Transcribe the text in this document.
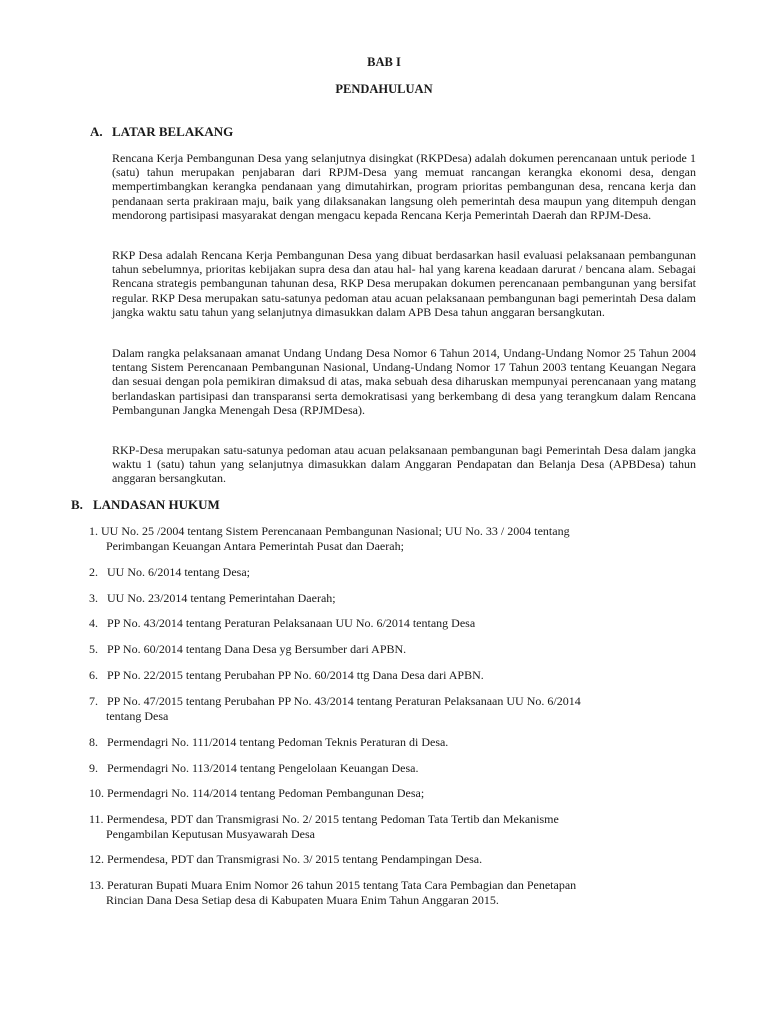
BAB I
PENDAHULUAN
A. LATAR BELAKANG

Rencana Kerja Pembangunan Desa yang selanjutnya disingkat (RKPDesa) adalah dokumen perencanaan untuk periode 1 (satu) tahun merupakan penjabaran dari RPJM-Desa yang memuat rancangan kerangka ekonomi desa, dengan mempertimbangkan kerangka pendanaan yang dimutahirkan, program prioritas pembangunan desa, rencana kerja dan pendanaan serta prakiraan maju, baik yang dilaksanakan langsung oleh pemerintah desa maupun yang ditempuh dengan mendorong partisipasi masyarakat dengan mengacu kepada Rencana Kerja Pemerintah Daerah dan RPJM-Desa.

RKP Desa adalah Rencana Kerja Pembangunan Desa yang dibuat berdasarkan hasil evaluasi pelaksanaan pembangunan tahun sebelumnya, prioritas kebijakan supra desa dan atau hal- hal yang karena keadaan darurat / bencana alam. Sebagai Rencana strategis pembangunan tahunan desa, RKP Desa merupakan dokumen perencanaan pembangunan yang bersifat regular. RKP Desa merupakan satu-satunya pedoman atau acuan pelaksanaan pembangunan bagi pemerintah Desa dalam jangka waktu satu tahun yang selanjutnya dimasukkan dalam APB Desa tahun anggaran bersangkutan.

Dalam rangka pelaksanaan amanat Undang Undang Desa Nomor 6 Tahun 2014, Undang-Undang Nomor 25 Tahun 2004 tentang Sistem Perencanaan Pembangunan Nasional, Undang-Undang Nomor 17 Tahun 2003 tentang Keuangan Negara dan sesuai dengan pola pemikiran dimaksud di atas, maka sebuah desa diharuskan mempunyai perencanaan yang matang berlandaskan partisipasi dan transparansi serta demokratisasi yang berkembang di desa yang terangkum dalam Rencana Pembangunan Jangka Menengah Desa (RPJMDesa).

RKP-Desa merupakan satu-satunya pedoman atau acuan pelaksanaan pembangunan bagi Pemerintah Desa dalam jangka waktu 1 (satu) tahun yang selanjutnya dimasukkan dalam Anggaran Pendapatan dan Belanja Desa (APBDesa) tahun anggaran bersangkutan.

B. LANDASAN HUKUM
1. UU No. 25 /2004 tentang Sistem Perencanaan Pembangunan Nasional; UU No. 33 / 2004 tentang
Perimbangan Keuangan Antara Pemerintah Pusat dan Daerah;
2. UU No. 6/2014 tentang Desa;
3. UU No. 23/2014 tentang Pemerintahan Daerah;
4. PP No. 43/2014 tentang Peraturan Pelaksanaan UU No. 6/2014 tentang Desa
5. PP No. 60/2014 tentang Dana Desa yg Bersumber dari APBN.
6. PP No. 22/2015 tentang Perubahan PP No. 60/2014 ttg Dana Desa dari APBN.
7. PP No. 47/2015 tentang Perubahan PP No. 43/2014 tentang Peraturan Pelaksanaan UU No. 6/2014
tentang Desa
8. Permendagri No. 111/2014 tentang Pedoman Teknis Peraturan di Desa.
9. Permendagri No. 113/2014 tentang Pengelolaan Keuangan Desa.
10. Permendagri No. 114/2014 tentang Pedoman Pembangunan Desa;
11. Permendesa, PDT dan Transmigrasi No. 2/ 2015 tentang Pedoman Tata Tertib dan Mekanisme
Pengambilan Keputusan Musyawarah Desa
12. Permendesa, PDT dan Transmigrasi No. 3/ 2015 tentang Pendampingan Desa.
13. Peraturan Bupati Muara Enim Nomor 26 tahun 2015 tentang Tata Cara Pembagian dan Penetapan
Rincian Dana Desa Setiap desa di Kabupaten Muara Enim Tahun Anggaran 2015.
